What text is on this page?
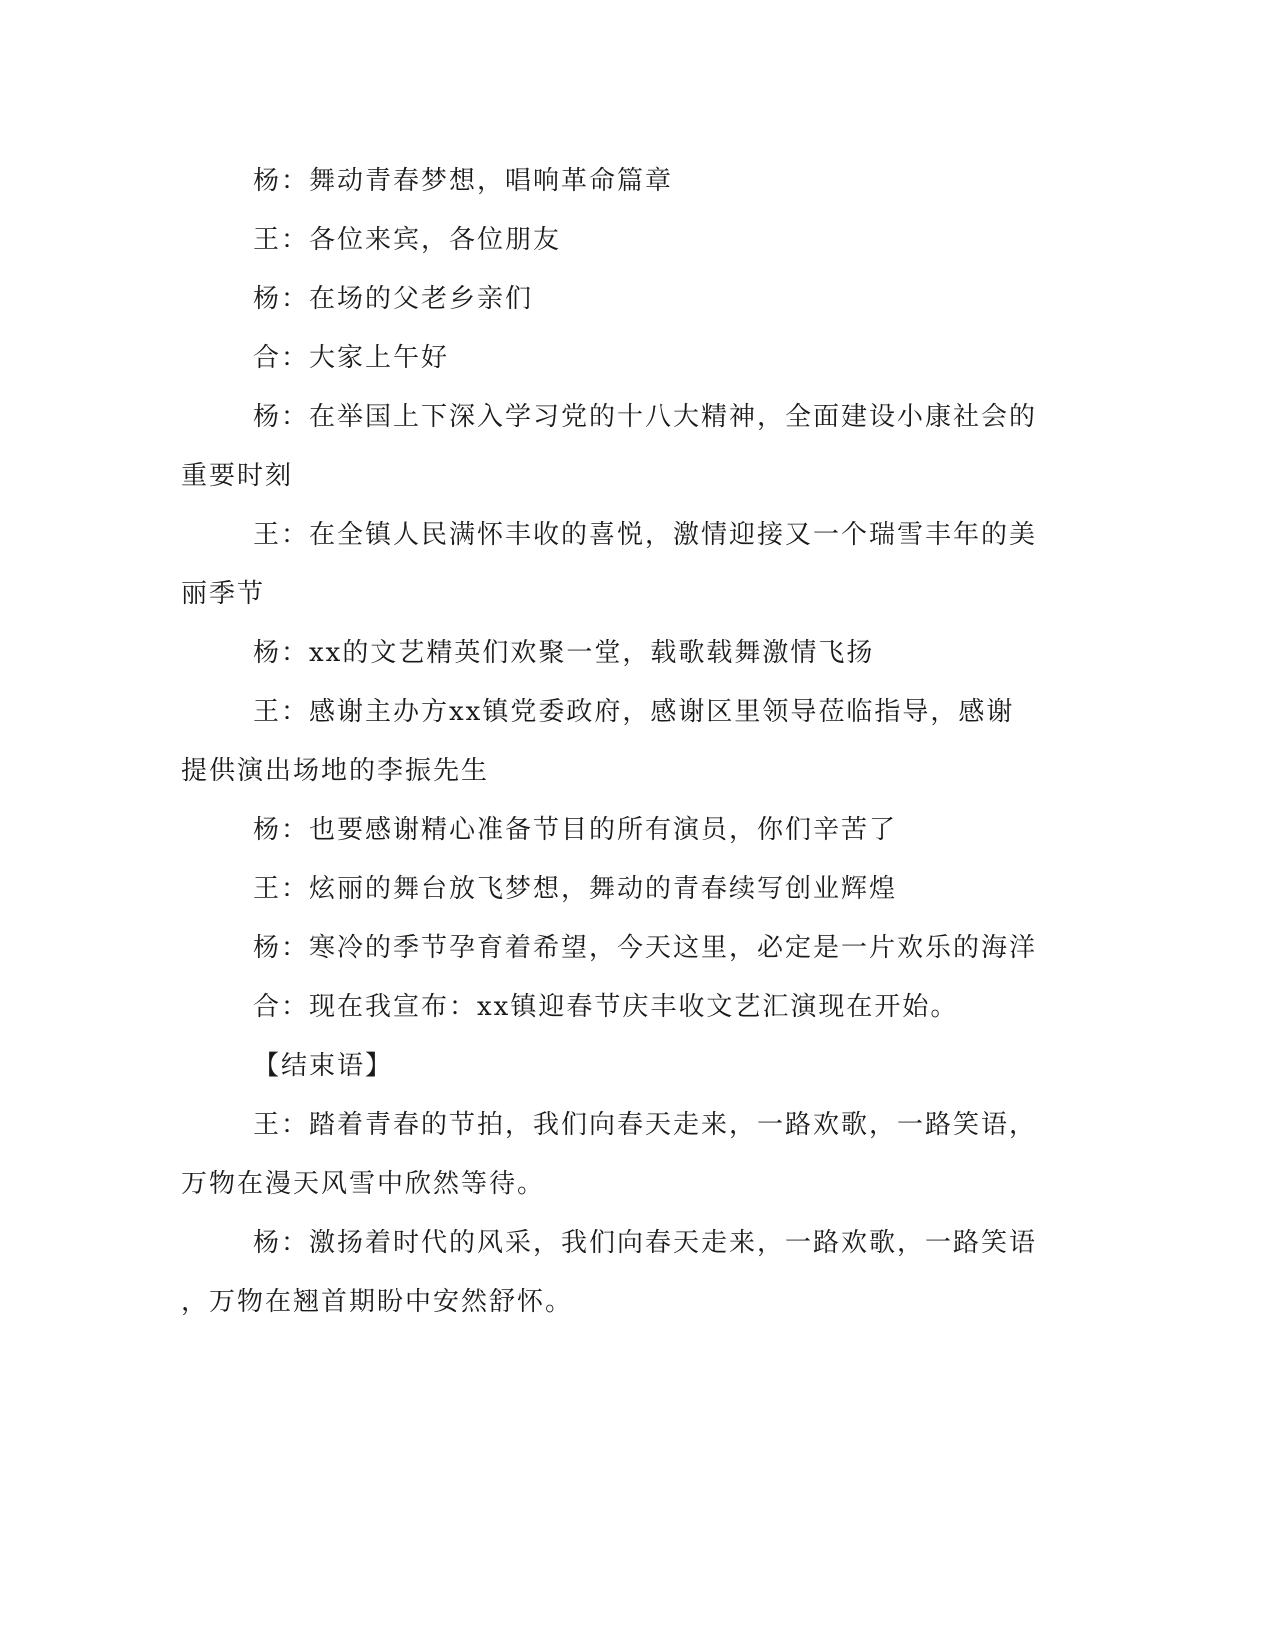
杨：舞动青春梦想，唱响革命篇章
王：各位来宾，各位朋友
杨：在场的父老乡亲们
合：大家上午好
杨：在举国上下深入学习党的十八大精神，全面建设小康社会的
重要时刻
王：在全镇人民满怀丰收的喜悦，激情迎接又一个瑞雪丰年的美
丽季节
杨：xx的文艺精英们欢聚一堂，载歌载舞激情飞扬
王：感谢主办方xx镇党委政府，感谢区里领导莅临指导，感谢
提供演出场地的李振先生
杨：也要感谢精心准备节目的所有演员，你们辛苦了
王：炫丽的舞台放飞梦想，舞动的青春续写创业辉煌
杨：寒冷的季节孕育着希望，今天这里，必定是一片欢乐的海洋
合：现在我宣布：xx镇迎春节庆丰收文艺汇演现在开始。
【结束语】
王：踏着青春的节拍，我们向春天走来，一路欢歌，一路笑语，
万物在漫天风雪中欣然等待。
杨：激扬着时代的风采，我们向春天走来，一路欢歌，一路笑语
，万物在翘首期盼中安然舒怀。
